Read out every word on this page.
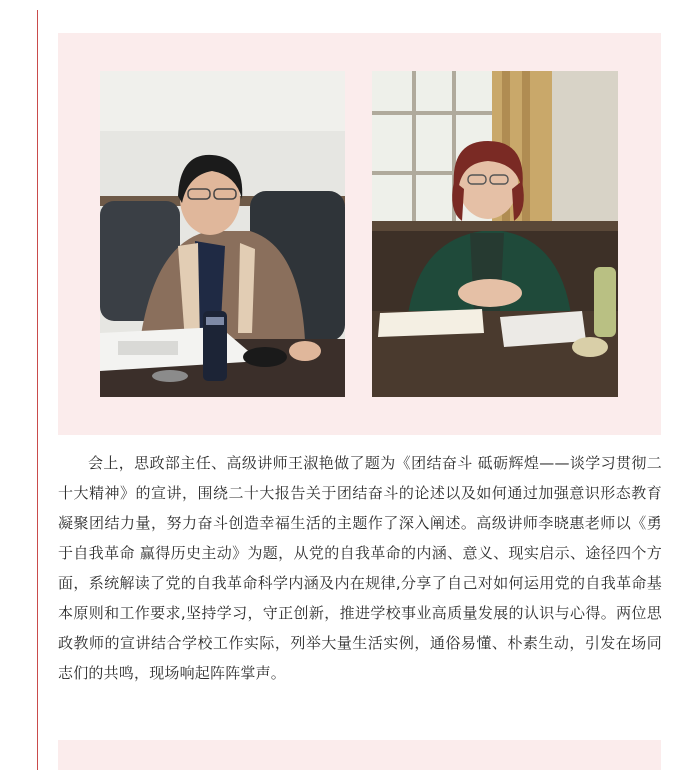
会上，思政部主任、高级讲师王淑艳做了题为《团结奋斗 砥砺辉煌——谈学习贯彻二十大精神》的宣讲，围绕二十大报告关于团结奋斗的论述以及如何通过加强意识形态教育凝聚团结力量，努力奋斗创造幸福生活的主题作了深入阐述。高级讲师李晓惠老师以《勇于自我革命 赢得历史主动》为题，从党的自我革命的内涵、意义、现实启示、途径四个方面，系统解读了党的自我革命科学内涵及内在规律,分享了自己对如何运用党的自我革命基本原则和工作要求,坚持学习，守正创新，推进学校事业高质量发展的认识与心得。两位思政教师的宣讲结合学校工作实际，列举大量生活实例，通俗易懂、朴素生动，引发在场同志们的共鸣，现场响起阵阵掌声。
